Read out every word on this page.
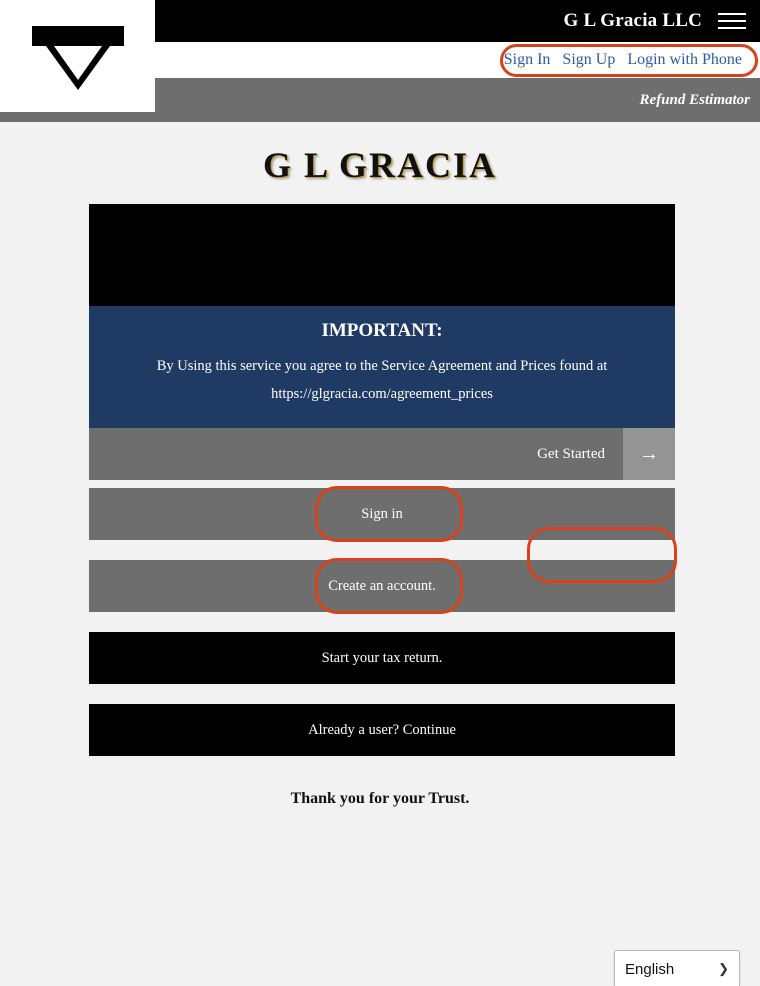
G L Gracia LLC
Sign In Sign Up Login with Phone
Refund Estimator
G L GRACIA
IMPORTANT:
By Using this service you agree to the Service Agreement and Prices found at
https://glgracia.com/agreement_prices
Get Started	→
Sign in
Create an account.
Start your tax return.
Already a user? Continue
Thank you for your Trust.
English	❯
